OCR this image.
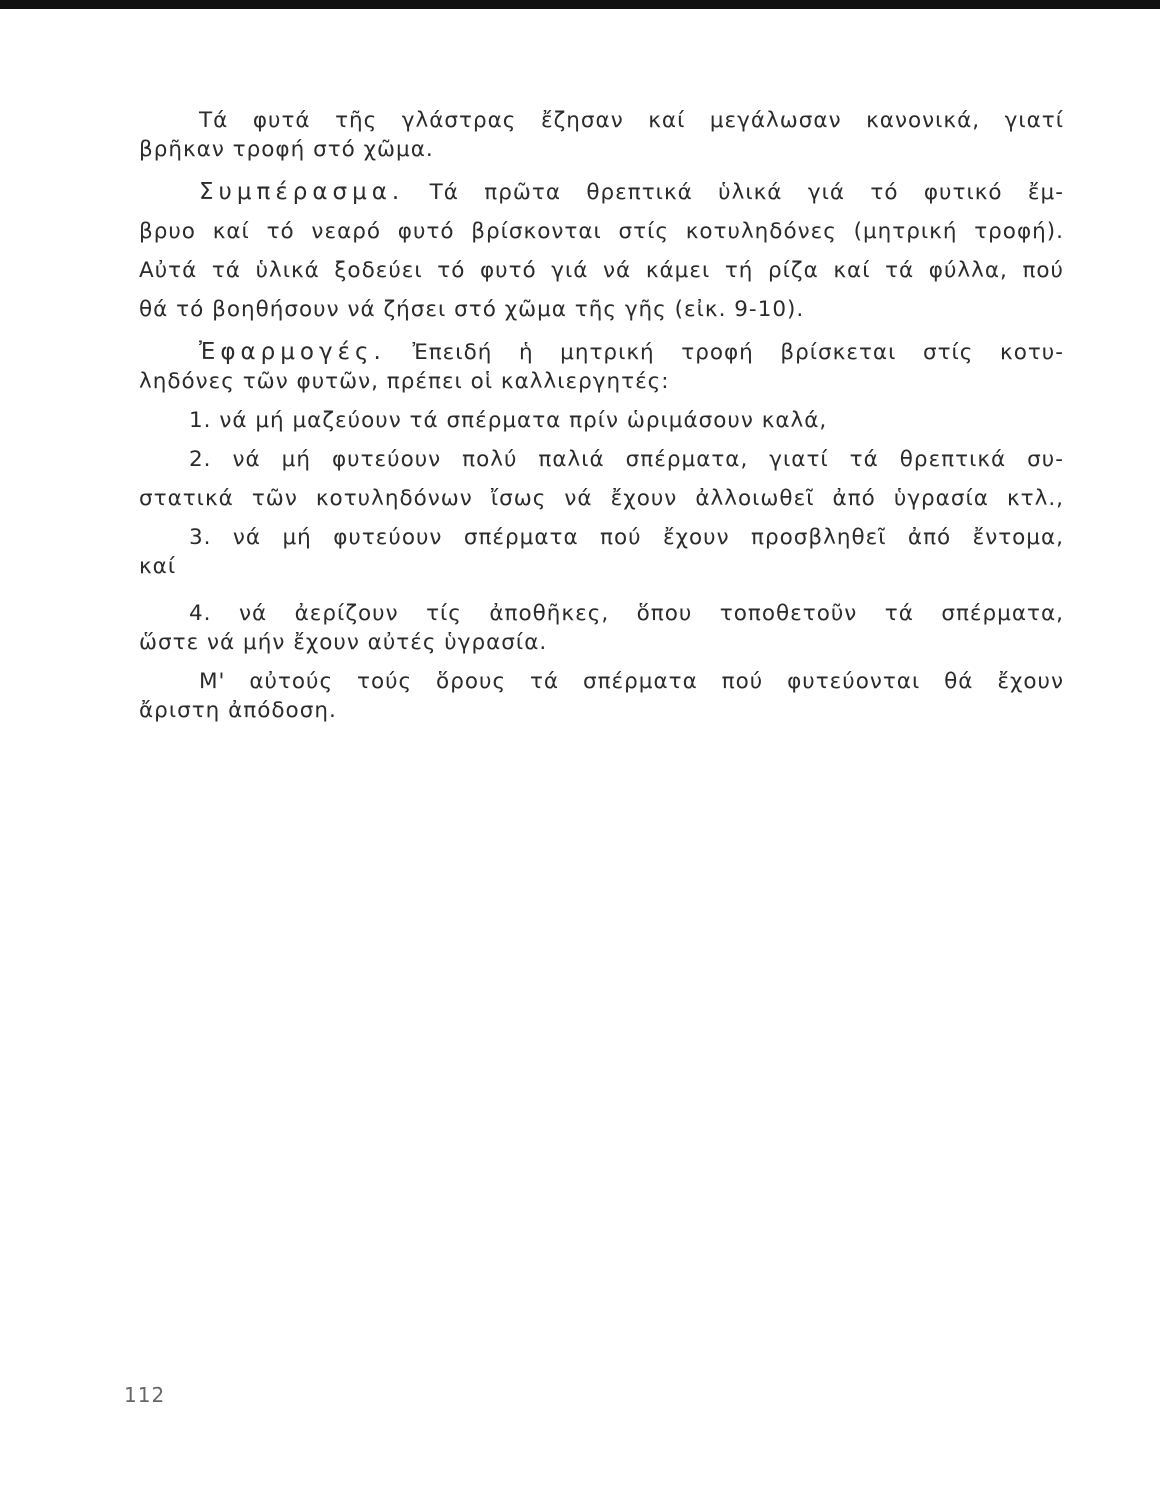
Τά φυτά τῆς γλάστρας ἔζησαν καί μεγάλωσαν κανονικά, γιατί

βρῆκαν τροφή στό χῶμα.

Συμπέρασμα. Τά πρῶτα θρεπτικά ὑλικά γιά τό φυτικό ἔμ-

βρυο καί τό νεαρό φυτό βρίσκονται στίς κοτυληδόνες (μητρική τροφή).

Αὐτά τά ὑλικά ξοδεύει τό φυτό γιά νά κάμει τή ρίζα καί τά φύλλα, πού

θά τό βοηθήσουν νά ζήσει στό χῶμα τῆς γῆς (εἰκ. 9-10).

Ἐφαρμογές. Ἐπειδή ἡ μητρική τροφή βρίσκεται στίς κοτυ-

ληδόνες τῶν φυτῶν, πρέπει οἱ καλλιεργητές:

1. νά μή μαζεύουν τά σπέρματα πρίν ὡριμάσουν καλά,

2. νά μή φυτεύουν πολύ παλιά σπέρματα, γιατί τά θρεπτικά συ-

στατικά τῶν κοτυληδόνων ἴσως νά ἔχουν ἀλλοιωθεῖ ἀπό ὑγρασία κτλ.,

3. νά μή φυτεύουν σπέρματα πού ἔχουν προσβληθεῖ ἀπό ἔντομα,

καί

4. νά ἀερίζουν τίς ἀποθῆκες, ὅπου τοποθετοῦν τά σπέρματα,

ὥστε νά μήν ἔχουν αὐτές ὑγρασία.

Μ' αὐτούς τούς ὅρους τά σπέρματα πού φυτεύονται θά ἔχουν

ἄριστη ἀπόδοση.

112
